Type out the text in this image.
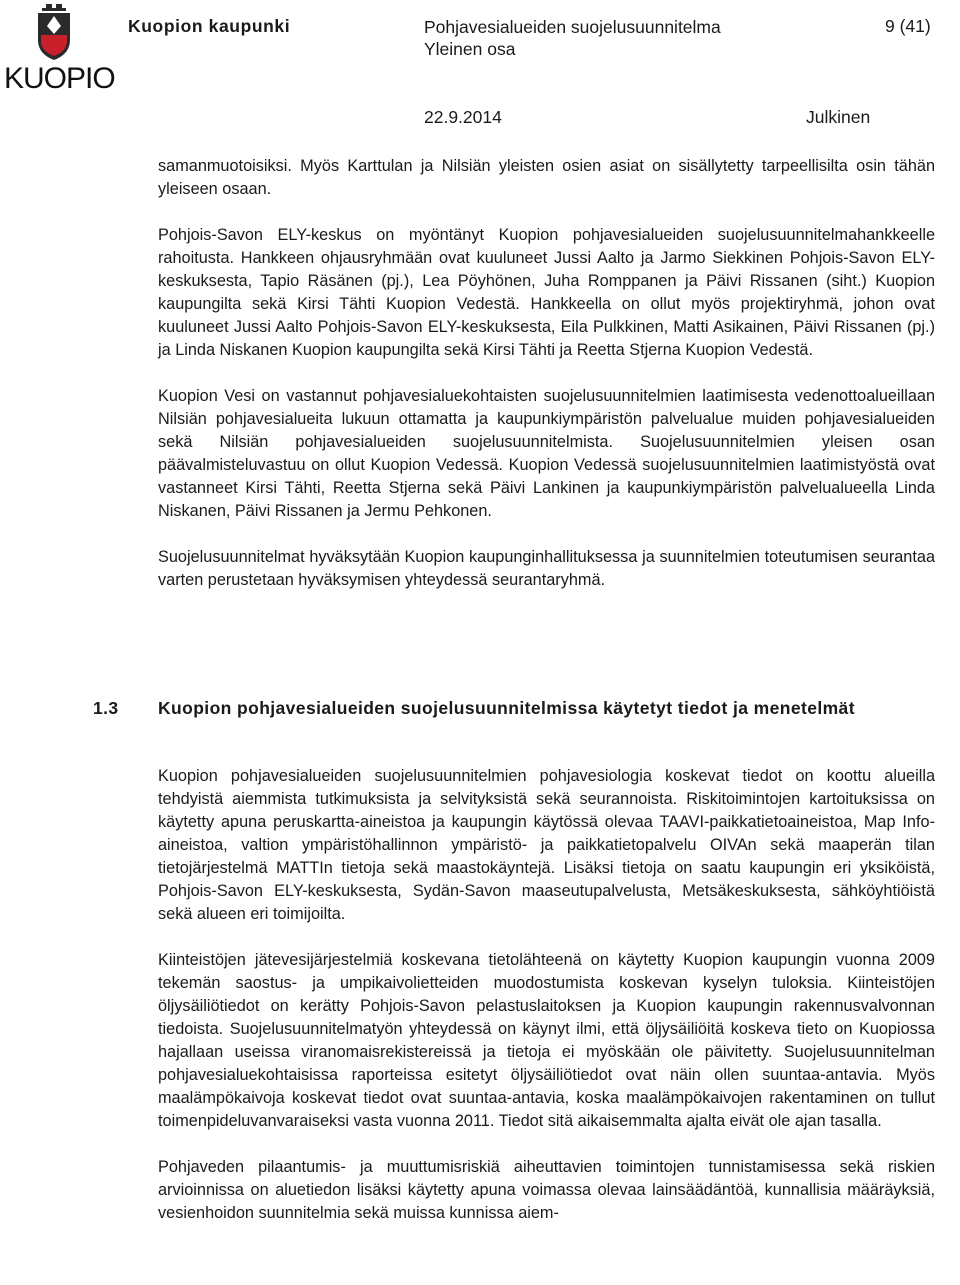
KUOPIO
Kuopion kaupunki	Pohjavesialueiden suojelusuunnitelma
Yleinen osa
9 (41)
22.9.2014	Julkinen

samanmuotoisiksi. Myös Karttulan ja Nilsiän yleisten osien asiat on sisällytetty tarpeellisilta osin tähän yleiseen osaan.

Pohjois-Savon ELY-keskus on myöntänyt Kuopion pohjavesialueiden suojelusuunnitelmahankkeelle rahoitusta. Hankkeen ohjausryhmään ovat kuuluneet Jussi Aalto ja Jarmo Siekkinen Pohjois-Savon ELY-keskuksesta, Tapio Räsänen (pj.), Lea Pöyhönen, Juha Romppanen ja Päivi Rissanen (siht.) Kuopion kaupungilta sekä Kirsi Tähti Kuopion Vedestä. Hankkeella on ollut myös projektiryhmä, johon ovat kuuluneet Jussi Aalto Pohjois-Savon ELY-keskuksesta, Eila Pulkkinen, Matti Asikainen, Päivi Rissanen (pj.) ja Linda Niskanen Kuopion kaupungilta sekä Kirsi Tähti ja Reetta Stjerna Kuopion Vedestä.

Kuopion Vesi on vastannut pohjavesialuekohtaisten suojelusuunnitelmien laatimisesta vedenottoalueillaan Nilsiän pohjavesialueita lukuun ottamatta ja kaupunkiympäristön palvelualue muiden pohjavesialueiden sekä Nilsiän pohjavesialueiden suojelusuunnitelmista. Suojelusuunnitelmien yleisen osan päävalmisteluvastuu on ollut Kuopion Vedessä. Kuopion Vedessä suojelusuunnitelmien laatimistyöstä ovat vastanneet Kirsi Tähti, Reetta Stjerna sekä Päivi Lankinen ja kaupunkiympäristön palvelualueella Linda Niskanen, Päivi Rissanen ja Jermu Pehkonen.

Suojelusuunnitelmat hyväksytään Kuopion kaupunginhallituksessa ja suunnitelmien toteutumisen seurantaa varten perustetaan hyväksymisen yhteydessä seurantaryhmä.

1.3 Kuopion pohjavesialueiden suojelusuunnitelmissa käytetyt tiedot ja menetelmät

Kuopion pohjavesialueiden suojelusuunnitelmien pohjavesiologia koskevat tiedot on koottu alueilla tehdyistä aiemmista tutkimuksista ja selvityksistä sekä seurannoista. Riskitoimintojen kartoituksissa on käytetty apuna peruskartta-aineistoa ja kaupungin käytössä olevaa TAAVI-paikkatietoaineistoa, Map Info-aineistoa, valtion ympäristöhallinnon ympäristö- ja paikkatietopalvelu OIVAn sekä maaperän tilan tietojärjestelmä MATTIn tietoja sekä maastokäyntejä. Lisäksi tietoja on saatu kaupungin eri yksiköistä, Pohjois-Savon ELY-keskuksesta, Sydän-Savon maaseutupalvelusta, Metsäkeskuksesta, sähköyhtiöistä sekä alueen eri toimijoilta.

Kiinteistöjen jätevesijärjestelmiä koskevana tietolähteenä on käytetty Kuopion kaupungin vuonna 2009 tekemän saostus- ja umpikaivolietteiden muodostumista koskevan kyselyn tuloksia. Kiinteistöjen öljysäiliötiedot on kerätty Pohjois-Savon pelastuslaitoksen ja Kuopion kaupungin rakennusvalvonnan tiedoista. Suojelusuunnitelmatyön yhteydessä on käynyt ilmi, että öljysäiliöitä koskeva tieto on Kuopiossa hajallaan useissa viranomaisrekistereissä ja tietoja ei myöskään ole päivitetty. Suojelusuunnitelman pohjavesialuekohtaisissa raporteissa esitetyt öljysäiliötiedot ovat näin ollen suuntaa-antavia. Myös maalämpökaivoja koskevat tiedot ovat suuntaa-antavia, koska maalämpökaivojen rakentaminen on tullut toimenpideluvanvaraiseksi vasta vuonna 2011. Tiedot sitä aikaisemmalta ajalta eivät ole ajan tasalla.

Pohjaveden pilaantumis- ja muuttumisriskiä aiheuttavien toimintojen tunnistamisessa sekä riskien arvioinnissa on aluetiedon lisäksi käytetty apuna voimassa olevaa lainsäädäntöä, kunnallisia määräyksiä, vesienhoidon suunnitelmia sekä muissa kunnissa aiem-
